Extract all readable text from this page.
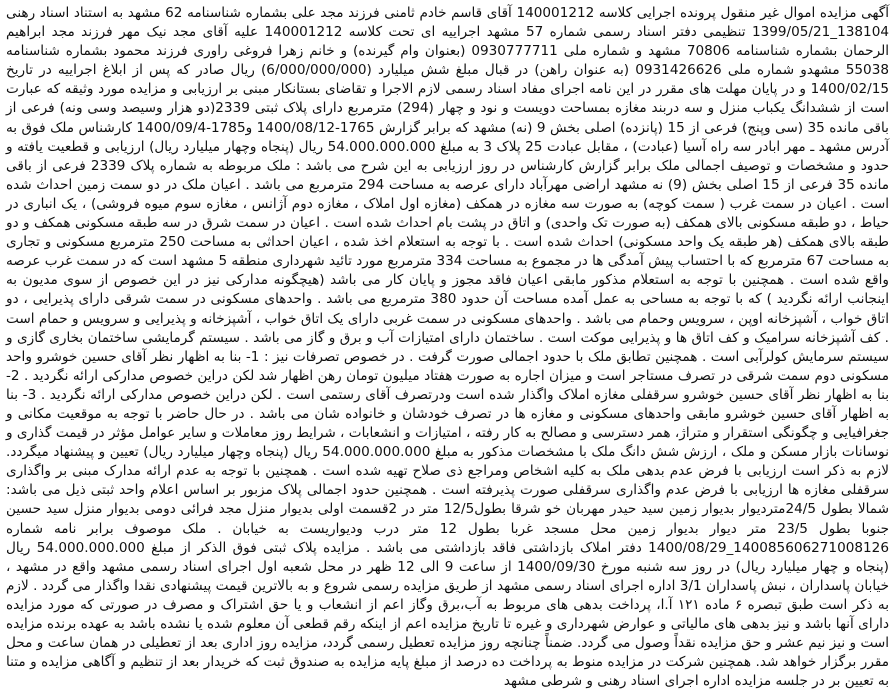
آگهی مزایده اموال غیر منقول پرونده اجرایی کلاسه 140001212 آقای قاسم خادم ثامنی فرزند مجد علی بشماره شناسنامه 62 مشهد به استناد اسناد رهنی 138104_1399/05/21 تنظیمی دفتر اسناد رسمی شماره 57 مشهد اجراییه ای تحت کلاسه 140001212 علیه آقای مجد نیک مهر فرزند مجد ابراهیم الرحمان بشماره شناسنامه 70806 مشهد و شماره ملی 0930777711 (بعنوان وام گیرنده) و خانم زهرا فروغی راوری فرزند محمود بشماره شناسنامه 55038 مشهدو شماره ملی 0931426626 (به عنوان راهن) در قبال مبلغ شش میلیارد (6/000/000/000) ریال صادر که پس از ابلاغ اجراییه در تاریخ 1400/02/15 و در پایان مهلت های مقرر در این نامه اجرای مفاد اسناد رسمی لازم الاجرا و تقاضای بستانکار مبنی بر ارزیابی و مزایده مورد وثیقه که عبارت است از ششدانگ یکباب منزل و سه دربند مغازه بمساحت دویست و نود و چهار (294) مترمربع دارای پلاک ثبتی 2339(دو هزار وسیصد وسی ونه) فرعی از باقی مانده 35 (سی وپنج) فرعی از 15 (پانزده) اصلی بخش 9 (نه) مشهد که برابر گزارش 1765-1400/08/12 و1785-1400/09/4 کارشناس ملک فوق به آدرس مشهد ـ مهر ابادر سه راه آسیا (عبادت) ، مقابل عبادت 25 پلاک 3 به مبلغ 54.000.000.000 ریال (پنجاه وچهار میلیارد ریال) ارزیابی و قطعیت یافته و حدود و مشخصات و توصیف اجمالی ملک برابر گزارش کارشناس در روز ارزیابی به این شرح می باشد : ملک مربوطه به شماره پلاک 2339 فرعی از باقی مانده 35 فرعی از 15 اصلی بخش (9) نه مشهد اراضی مهرآباد دارای عرصه به مساحت 294 مترمربع می باشد . اعیان ملک در دو سمت زمین احداث شده است . اعیان در سمت غرب ( سمت کوچه) به صورت سه مغازه در همکف (مغازه اول املاک ، مغازه دوم آژانس ، مغازه سوم میوه فروشی) ، یک انباری در حیاط ، دو طبقه مسکونی بالای همکف (به صورت تک واحدی) و اتاق در پشت بام احداث شده است . اعیان در سمت شرق در سه طبقه مسکونی همکف و دو طبقه بالای همکف (هر طبقه یک واحد مسکونی) احداث شده است . با توجه به استعلام اخذ شده ، اعیان احداثی به مساحت 250 مترمربع مسکونی و تجاری به مساحت 67 مترمربع که با احتساب پیش آمدگی ها در مجموع به مساحت 334 مترمربع مورد تائید شهرداری منطقه 5 مشهد است که در سمت غرب عرصه واقع شده است . همچنین با توجه به استعلام مذکور مابقی اعیان فاقد مجوز و پایان کار می باشد (هیچگونه مدارکی نیز در این خصوص از سوی مدیون به اینجانب ارائه نگردید ) که با توجه به مساحی به عمل آمده مساحت آن حدود 380 مترمربع می باشد . واحدهای مسکونی در سمت شرقی دارای پذیرایی ، دو اتاق خواب ، آشپزخانه اوپن ، سرویس وحمام می باشد . واحدهای مسکونی در سمت غربی دارای یک اتاق خواب ، آشپزخانه و پذیرایی و سرویس و حمام است . کف آشپزخانه سرامیک و کف اتاق ها و پذیرایی موکت است . ساختمان دارای امتیازات آب و برق و گاز می باشد . سیستم گرمایشی ساختمان بخاری گازی و سیستم سرمایش کولرآبی است . همچنین تطابق ملک با حدود اجمالی صورت گرفت . در خصوص تصرفات نیز : 1- بنا به اظهار نظر آقای حسین خوشرو واحد مسکونی دوم سمت شرقی در تصرف مستاجر است و میزان اجاره به صورت هفتاد میلیون تومان رهن اظهار شد لکن دراین خصوص مدارکی ارائه نگردید . 2- بنا به اظهار نظر آقای حسین خوشرو سرقفلی مغازه املاک واگذار شده است ودرتصرف آقای رستمی است . لکن دراین خصوص مدارکی ارائه نگردید . 3- بنا به اظهار آقای حسین خوشرو مابقی واحدهای مسکونی و مغازه ها در تصرف خودشان و خانواده شان می باشد . در حال حاضر با توجه به موقعیت مکانی و جغرافیایی و چگونگی استقرار و متراژ، همر دسترسی و مصالح به کار رفته ، امتیازات و انشعابات ، شرایط روز معاملات و سایر عوامل مؤثر در قیمت گذاری و نوسانات بازار مسکن و ملک ، ارزش شش دانگ ملک با مشخصات مذکور به مبلغ 54.000.000.000 ریال (پنجاه وچهار میلیارد ریال) تعیین و پیشنهاد میگردد. لازم به ذکر است ارزیابی با فرض عدم بدهی ملک به کلیه اشخاص ومراجع ذی صلاح تهیه شده است . همچنین با توجه به عدم ارائه مدارک مبنی بر واگذاری سرقفلی مغازه ها ارزیابی با فرض عدم واگذاری سرقفلی صورت پذیرفته است . همچنین حدود اجمالی پلاک مزبور بر اساس اعلام واحد ثبتی ذیل می باشد: شمالا بطول 24/5متردیوار بدیوار زمین سید حیدر مهربان خو شرقا بطول12/5 متر در 2قسمت اولی بدیوار منزل مجد فرائی دومی بدیوار منزل سید حسین جنوبا بطول 23/5 متر دیوار بدیوار زمین محل مسجد غربا بطول 12 متر درب ودیواریست به خیابان . ملک موصوف برابر نامه شماره 140085606271008126_1400/08/29 دفتر املاک بازداشتی فاقد بازداشتی می باشد . مزایده پلاک ثبتی فوق الذکر از مبلغ 54.000.000.000 ریال (پنجاه و چهار میلیارد ریال) در روز سه شنبه مورخ 1400/09/30 از ساعت 9 الی 12 ظهر در محل شعبه اول اجرای اسناد رسمی مشهد واقع در مشهد ، خیابان پاسداران ، نبش پاسداران 3/1 اداره اجرای اسناد رسمی مشهد از طریق مزایده رسمی شروع و به بالاترین قیمت پیشنهادی نقدا واگذار می گردد . لازم به ذکر است طبق تبصره ۶ ماده ۱۲۱ آ.ا، پرداخت بدهی های مربوط به آب،برق وگاز اعم از انشعاب و یا حق اشتراک و مصرف در صورتی که مورد مزایده دارای آنها باشد و نیز بدهی های مالیاتی و عوارض شهرداری و غیره تا تاریخ مزایده اعم از اینکه رقم قطعی آن معلوم شده یا نشده باشد به عهده برنده مزایده است و نیز نیم عشر و حق مزایده نقداً وصول می گردد. ضمناً چنانچه روز مزایده تعطیل رسمی گردد، مزایده روز اداری بعد از تعطیلی در همان ساعت و محل مقرر برگزار خواهد شد. همچنین شرکت در مزایده منوط به پرداخت ده درصد از مبلغ پایه مزایده به صندوق ثبت که خریدار بعد از تنظیم و آگاهی مزایده و متنا به تعیین بر در جلسه مزایده اداره اجرای اسناد رهنی و شرطی مشهد
